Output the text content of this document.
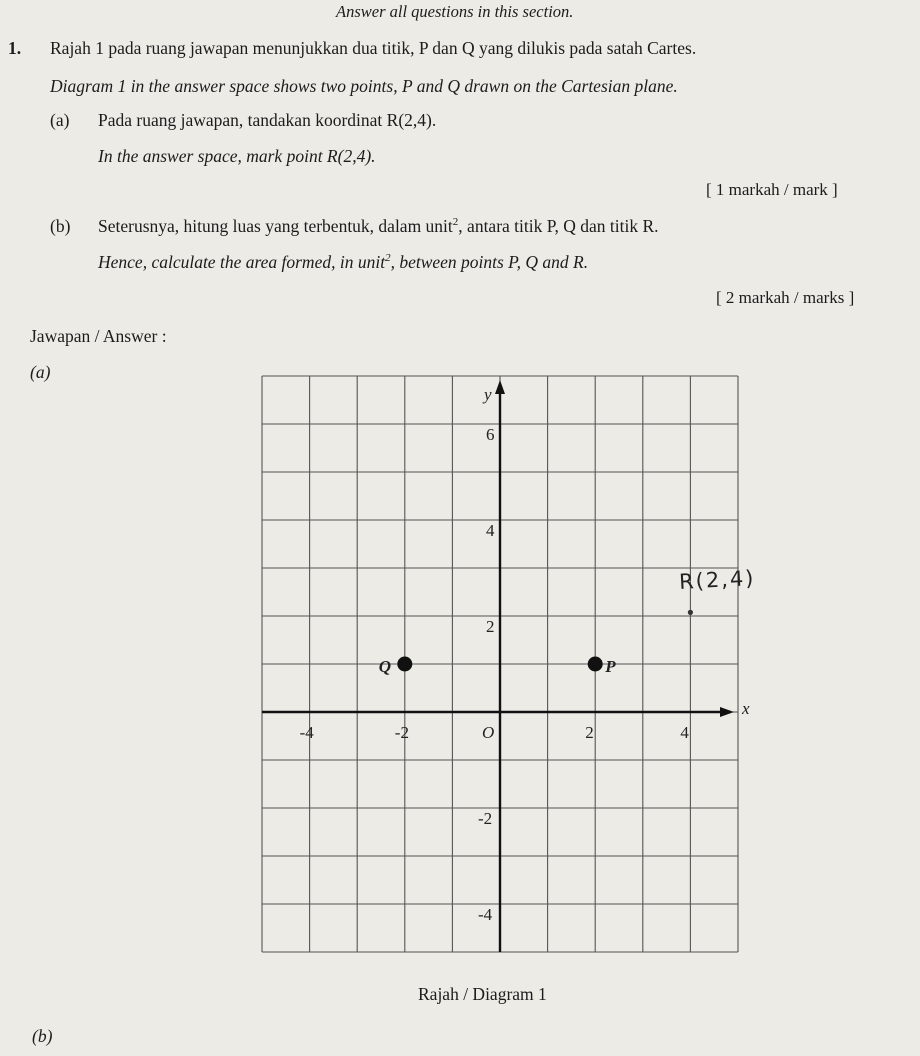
Answer all questions in this section.
1. Rajah 1 pada ruang jawapan menunjukkan dua titik, P dan Q yang dilukis pada satah Cartes.
Diagram 1 in the answer space shows two points, P and Q drawn on the Cartesian plane.
(a) Pada ruang jawapan, tandakan koordinat R(2,4).
In the answer space, mark point R(2,4).
[ 1 markah / mark ]
(b) Seterusnya, hitung luas yang terbentuk, dalam unit$^2$, antara titik P, Q dan titik R.
Hence, calculate the area formed, in unit$^2$, between points P, Q and R.
[ 2 markah / marks ]
Jawapan / Answer :
(a)
x
y
O
-4	-2	2	4
6
4
2
-2
-4
Q	P
R(2,4)
Rajah / Diagram 1
(b)
